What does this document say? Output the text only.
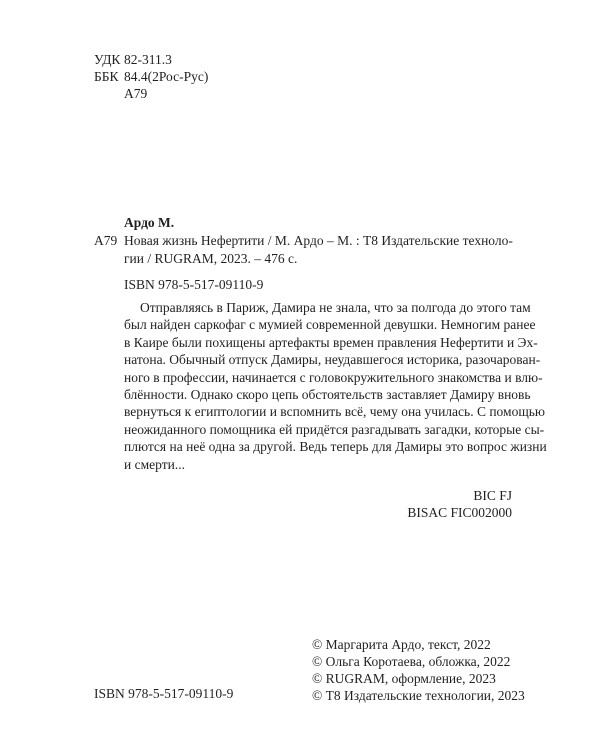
УДК 82-311.3
ББК 84.4(2Рос-Рус)
А79
Ардо М.
А79 Новая жизнь Нефертити / М. Ардо – М. : Т8 Издательские техноло-
гии / RUGRAM, 2023. – 476 с.
ISBN 978-5-517-09110-9
Отправляясь в Париж, Дамира не знала, что за полгода до этого там
был найден саркофаг с мумией современной девушки. Немногим ранее
в Каире были похищены артефакты времен правления Нефертити и Эх-
натона. Обычный отпуск Дамиры, неудавшегося историка, разочарован-
ного в профессии, начинается с головокружительного знакомства и влю-
блённости. Однако скоро цепь обстоятельств заставляет Дамиру вновь
вернуться к египтологии и вспомнить всё, чему она училась. С помощью
неожиданного помощника ей придётся разгадывать загадки, которые сы-
плются на неё одна за другой. Ведь теперь для Дамиры это вопрос жизни
и смерти...
BIC FJ
BISAC FIC002000
ISBN 978-5-517-09110-9
© Маргарита Ардо, текст, 2022
© Ольга Коротаева, обложка, 2022
© RUGRAM, оформление, 2023
© Т8 Издательские технологии, 2023
